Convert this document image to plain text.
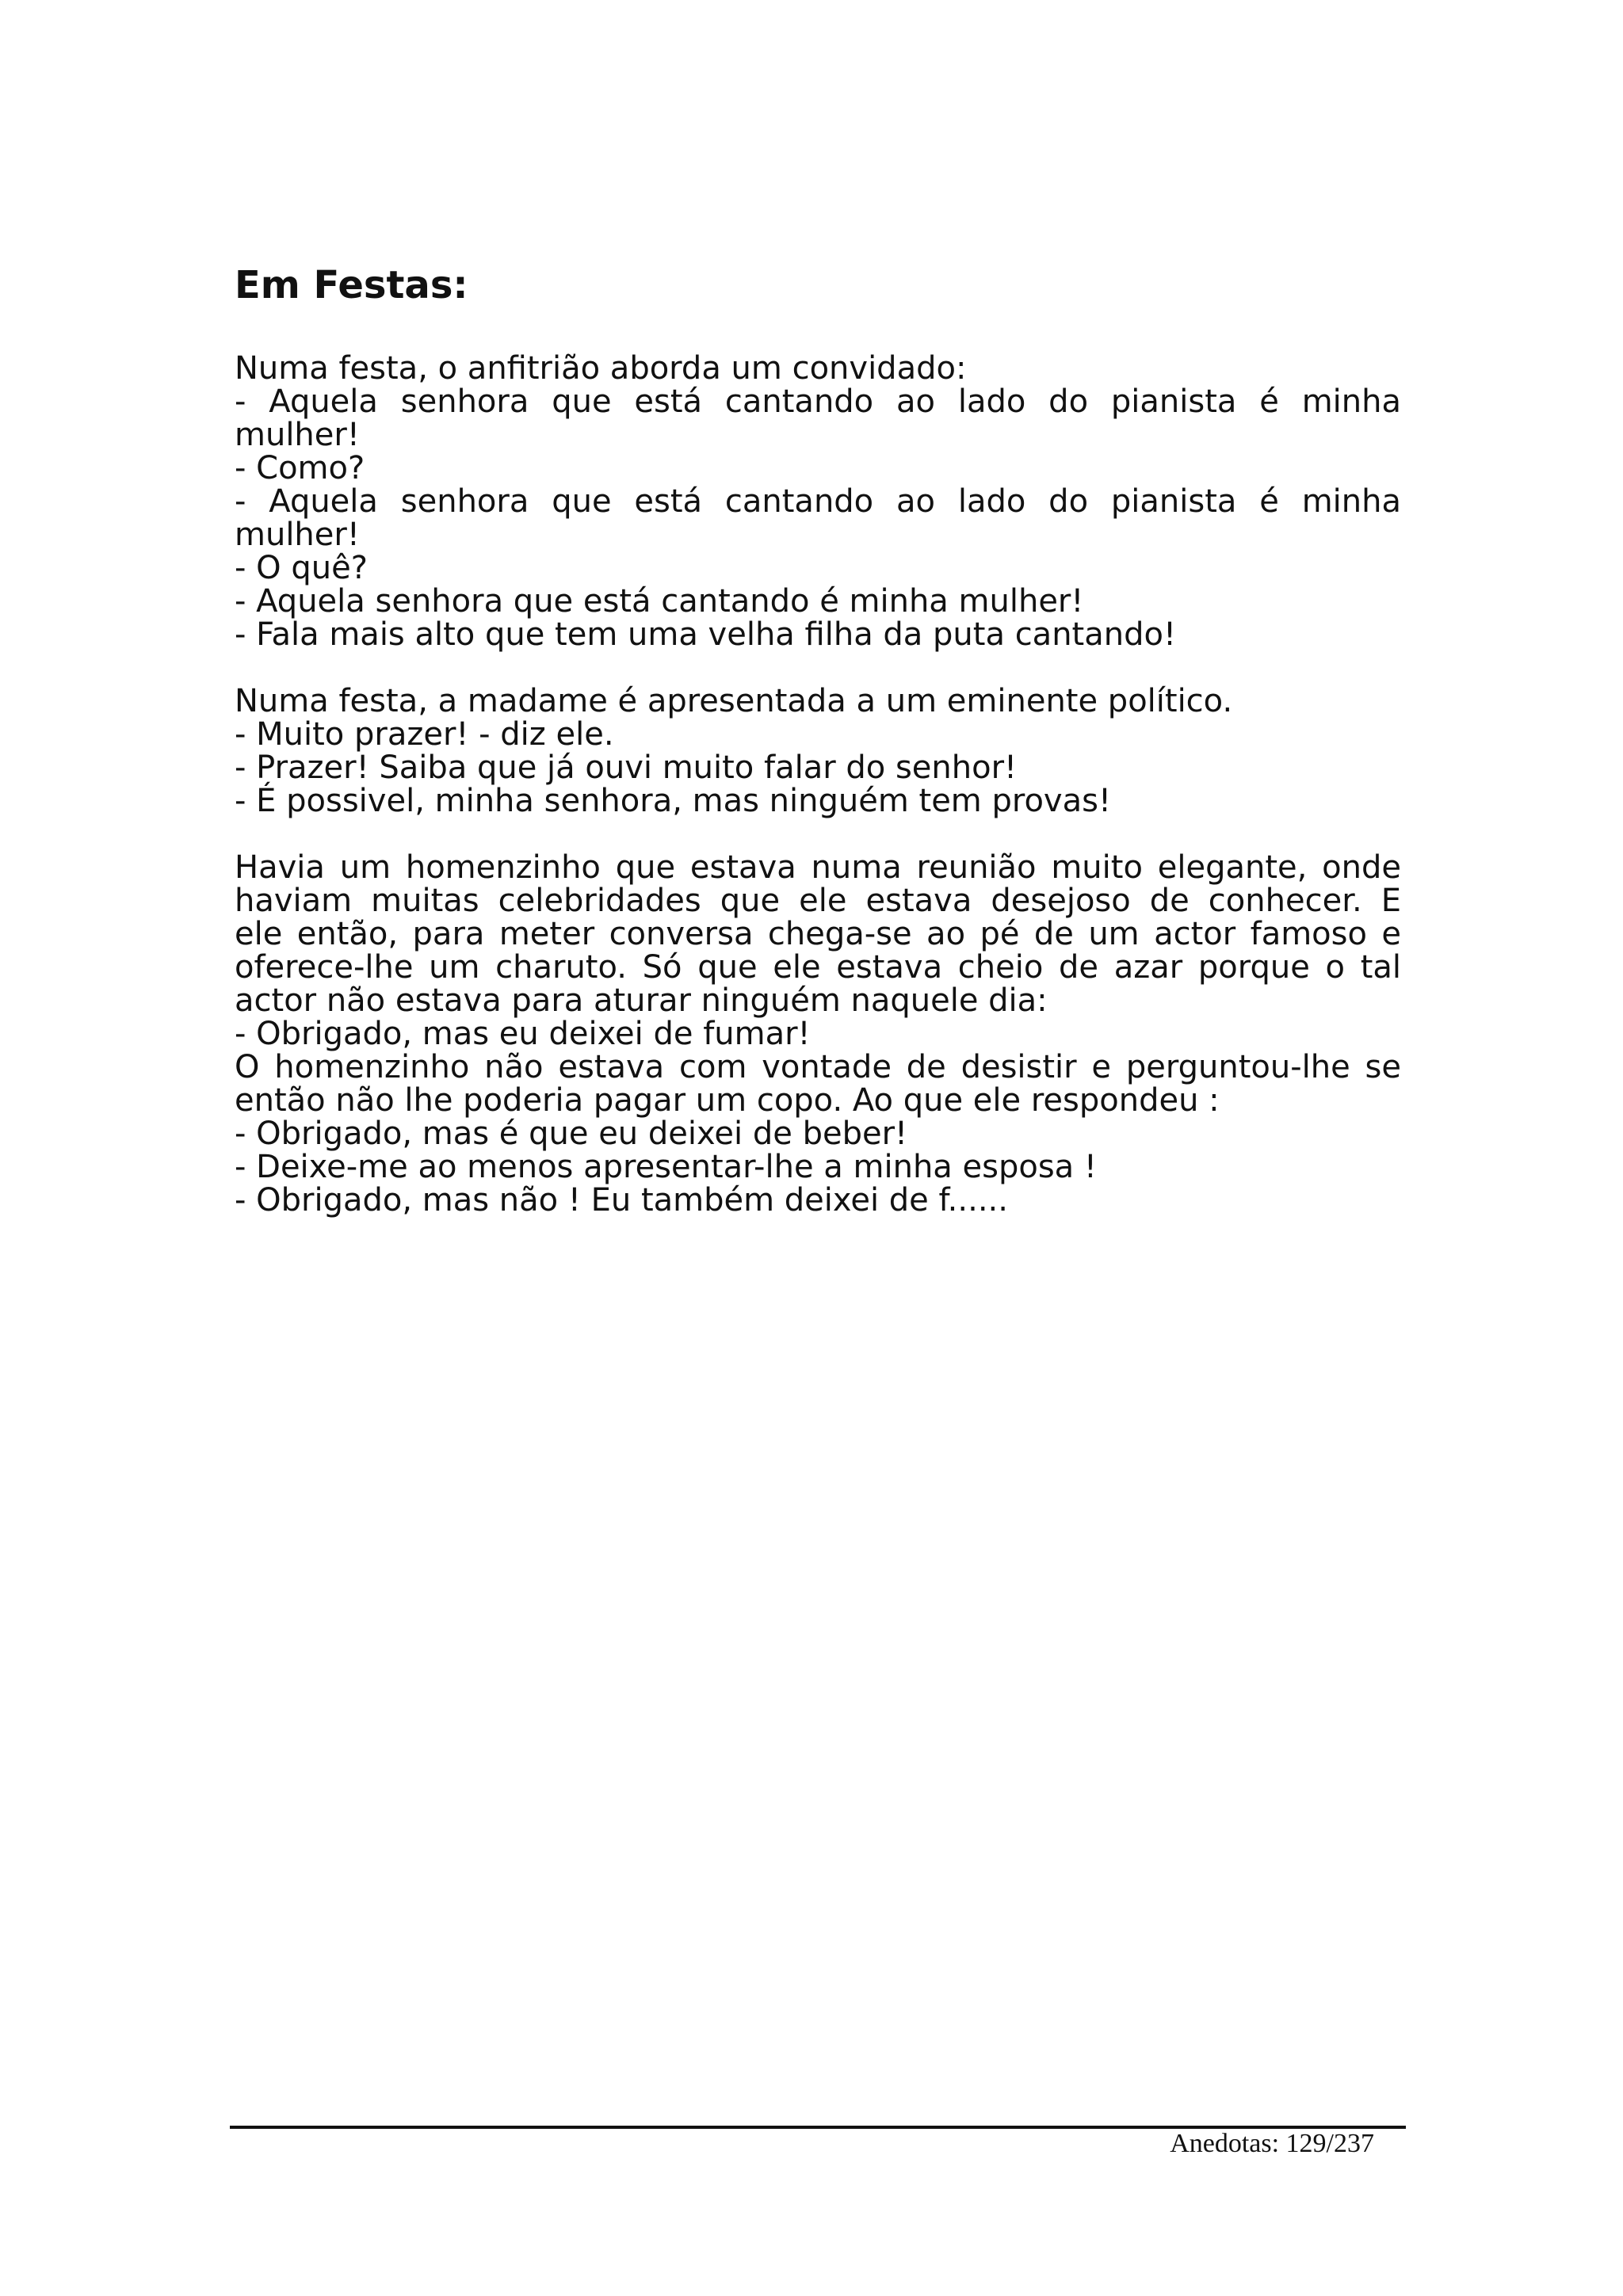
Em Festas:

Numa festa, o anfitrião aborda um convidado:

- Aquela senhora que está cantando ao lado do pianista é minha

mulher!

- Como?

- Aquela senhora que está cantando ao lado do pianista é minha

mulher!

- O quê?

- Aquela senhora que está cantando é minha mulher!

- Fala mais alto que tem uma velha filha da puta cantando!

Numa festa, a madame é apresentada a um eminente político.

- Muito prazer! - diz ele.

- Prazer! Saiba que já ouvi muito falar do senhor!

- É possivel, minha senhora, mas ninguém tem provas!

Havia um homenzinho que estava numa reunião muito elegante, onde

haviam muitas celebridades que ele estava desejoso de conhecer. E

ele então, para meter conversa chega-se ao pé de um actor famoso e

oferece-lhe um charuto. Só que ele estava cheio de azar porque o tal

actor não estava para aturar ninguém naquele dia:

- Obrigado, mas eu deixei de fumar!

O homenzinho não estava com vontade de desistir e perguntou-lhe se

então não lhe poderia pagar um copo. Ao que ele respondeu :

- Obrigado, mas é que eu deixei de beber!

- Deixe-me ao menos apresentar-lhe a minha esposa !

- Obrigado, mas não ! Eu também deixei de f......

Anedotas: 129/237
